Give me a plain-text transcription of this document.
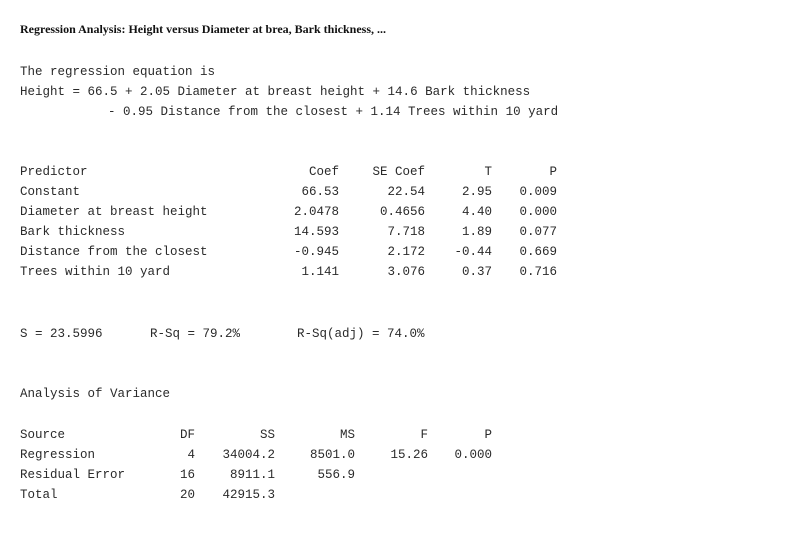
Regression Analysis: Height versus Diameter at brea, Bark thickness, ...
The regression equation is
Height = 66.5 + 2.05 Diameter at breast height + 14.6 Bark thickness
- 0.95 Distance from the closest + 1.14 Trees within 10 yard
Predictor	Coef	SE Coef	T	P
Constant	66.53	22.54	2.95 0.009
Diameter at breast height	2.0478	0.4656	4.40 0.000
Bark thickness	14.593	7.718	1.89 0.077
Distance from the closest	-0.945	2.172 -0.44 0.669
Trees within 10 yard	1.141	3.076	0.37 0.716
S = 23.5996	R-Sq = 79.2%	R-Sq(adj) = 74.0%
Analysis of Variance
Source	DF	SS	MS	F	P
Regression	4 34004.2	8501.0	15.26 0.000
Residual Error	16	8911.1	556.9
Total	20 42915.3
